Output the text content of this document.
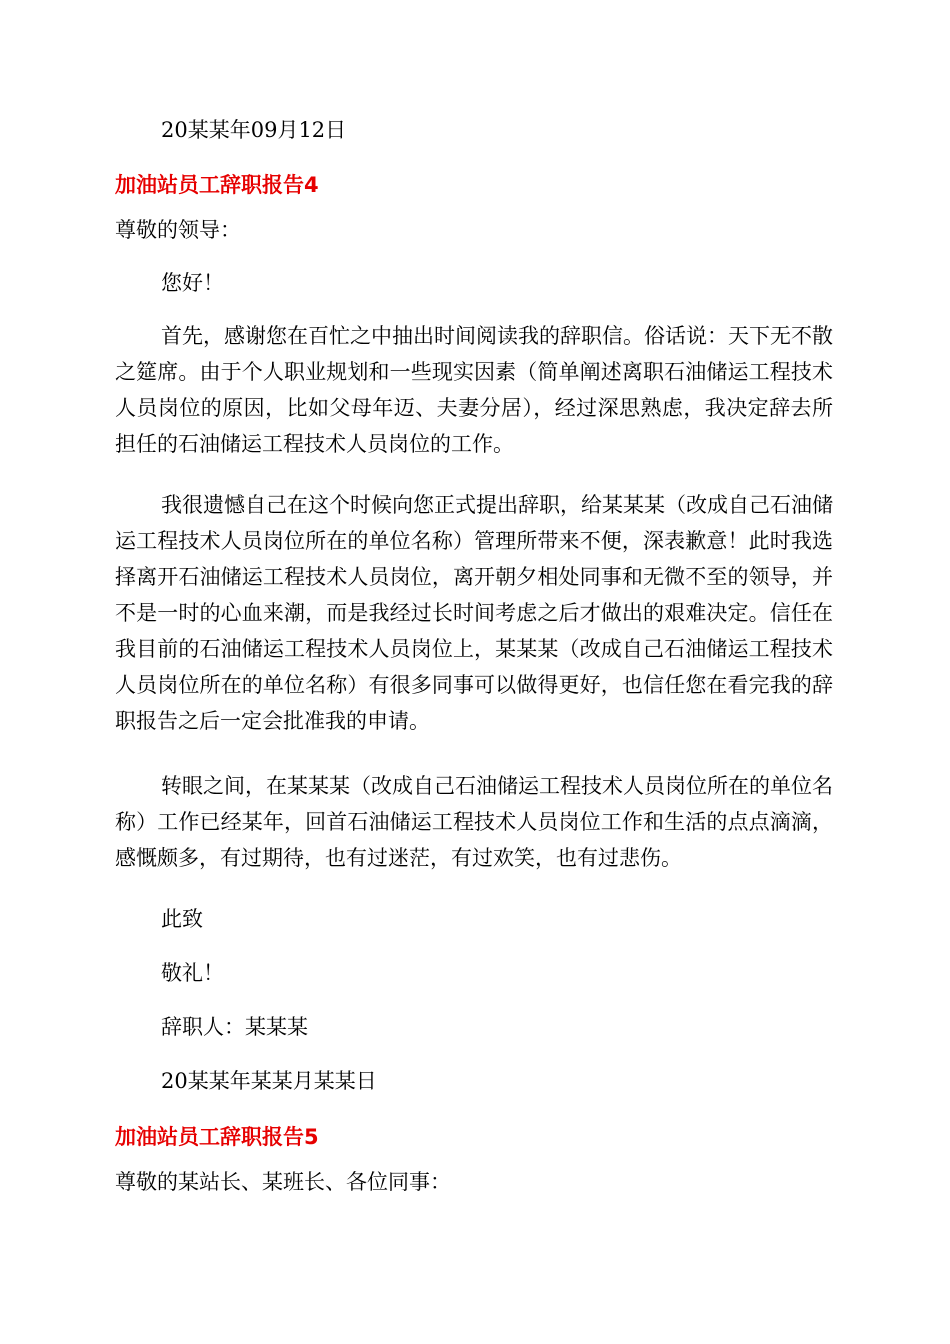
20某某年09月12日
加油站员工辞职报告4
尊敬的领导：
您好！
首先，感谢您在百忙之中抽出时间阅读我的辞职信。俗话说：天下无不散之筵席。由于个人职业规划和一些现实因素（简单阐述离职石油储运工程技术人员岗位的原因，比如父母年迈、夫妻分居），经过深思熟虑，我决定辞去所担任的石油储运工程技术人员岗位的工作。
我很遗憾自己在这个时候向您正式提出辞职，给某某某（改成自己石油储运工程技术人员岗位所在的单位名称）管理所带来不便，深表歉意！此时我选择离开石油储运工程技术人员岗位，离开朝夕相处同事和无微不至的领导，并不是一时的心血来潮，而是我经过长时间考虑之后才做出的艰难决定。信任在我目前的石油储运工程技术人员岗位上，某某某（改成自己石油储运工程技术人员岗位所在的单位名称）有很多同事可以做得更好，也信任您在看完我的辞职报告之后一定会批准我的申请。
转眼之间，在某某某（改成自己石油储运工程技术人员岗位所在的单位名称）工作已经某年，回首石油储运工程技术人员岗位工作和生活的点点滴滴，感慨颇多，有过期待，也有过迷茫，有过欢笑，也有过悲伤。
此致
敬礼！
辞职人：某某某
20某某年某某月某某日
加油站员工辞职报告5
尊敬的某站长、某班长、各位同事：
